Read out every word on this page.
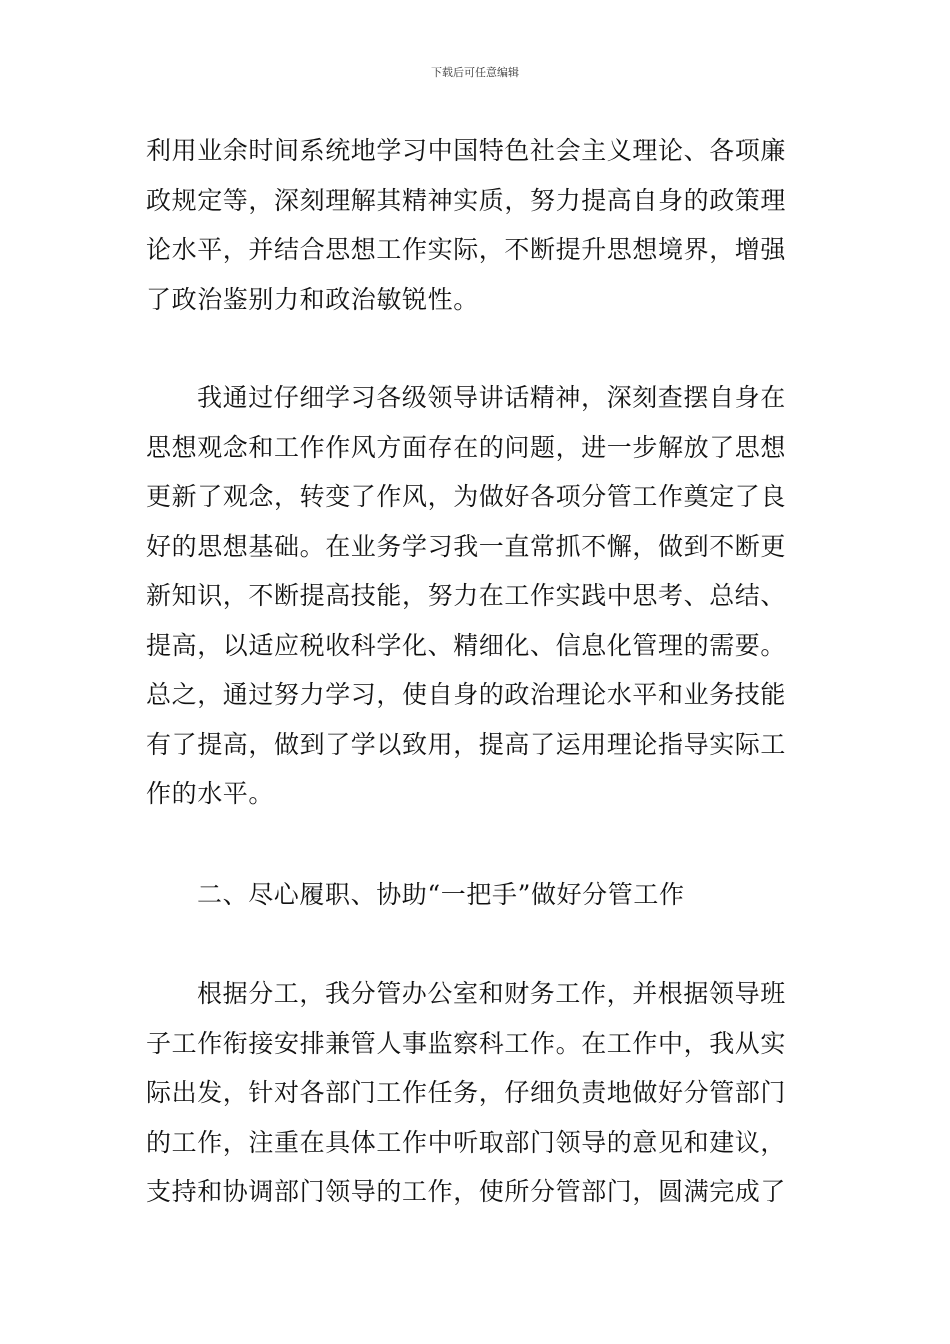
下载后可任意编辑
利用业余时间系统地学习中国特色社会主义理论、各项廉
政规定等，深刻理解其精神实质，努力提高自身的政策理
论水平，并结合思想工作实际，不断提升思想境界，增强
了政治鉴别力和政治敏锐性。
我通过仔细学习各级领导讲话精神，深刻查摆自身在
思想观念和工作作风方面存在的问题，进一步解放了思想
更新了观念，转变了作风，为做好各项分管工作奠定了良
好的思想基础。在业务学习我一直常抓不懈，做到不断更
新知识，不断提高技能，努力在工作实践中思考、总结、
提高，以适应税收科学化、精细化、信息化管理的需要。
总之，通过努力学习，使自身的政治理论水平和业务技能
有了提高，做到了学以致用，提高了运用理论指导实际工
作的水平。
二、尽心履职、协助“一把手”做好分管工作
根据分工，我分管办公室和财务工作，并根据领导班
子工作衔接安排兼管人事监察科工作。在工作中，我从实
际出发，针对各部门工作任务，仔细负责地做好分管部门
的工作，注重在具体工作中听取部门领导的意见和建议，
支持和协调部门领导的工作，使所分管部门，圆满完成了
